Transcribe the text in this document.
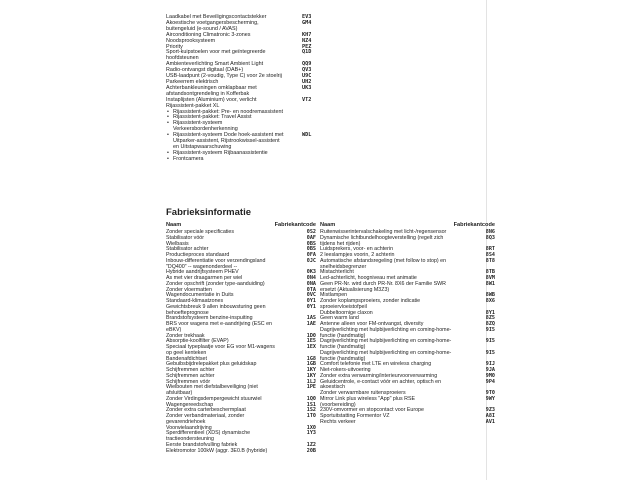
Laadkabel met Beveiligingscontactstekker	EV3
Akoestische voetgangersbescherming, buitengeluid (e-sound / AVAS)
GM4
Airconditioning Climatronic 3-zones	KH7
Noodsprooksysteem	NZ4
Priority	PEZ
Sport-kuipstoelen voor met geïntegreerde hoofdsteunen
Q1D
Ambienteverlichting Smart Ambient Light	QQ9
Radio-ontvangst digitaal (DAB+)	QV3
USB-laadpunt (2-voudig, Type C) voor 2e stoelrij	U9C
Parkeerrem elektrisch	UH2
Achterbankleuningen omklapbaar met afstandsontgrendeling in Kofferbak
UK3
Instaplijsten (Aluminium) voor, verlicht	VT2
Rijassistent-pakket XL
• Rijassistent-pakket: Pre- en noodremassistent
• Rijassistent-pakket: Travel Assist
• Rijassistent-systeem Verkeersbordenherkenning
• Rijassistent-systeem Dode hoek-assistent met Uitparker-assistent, Rijstrookwissel-assistent en Uitstapwaarschuwing
WDL
• Rijassistent-systeem Rijbaanassistentie
• Frontcamera
Fabrieksinformatie
Naam	Fabriekantcode
Zonder speciale specificaties	0S2
Stabilisator vóór	0AF
Wielbasis	0BS
Stabilisator achter	0BS
Productieproces standaard	0FA
Inbouw-differentiatie voor verzendingsland "DQ400" -- wagenonderdeel --
0JC
Hybride aandrijfsysteem PHEV	0K3
As met vier draagarmen per wiel	0N4
Zonder opschrift (zonder type-aanduiding)	0NA
Zonder vloermatten	0TA
Wagendocumentatie in Duits	0VC
Standaard-klimaatzones	0Y1
Gewichtsbreuk 9 allen inbouwsturing geen behoefteprognose
0Y1
Brandstofsysteem benzine-inspuiting	1AS
BRS voor wagens met e-aandrijving (ESC en eBKV)
1AE
Zonder trekhaak	1D0
Absorptie-koolfilter (EVAP)	1E5
Speciaal typeplaatje voor EG voor M1-wagens op geel kenteken
1EX
Bandenafdichtset	1G8
Gebuibsbijdrelepakket plus geluidskap	1GB
Schijfremmen achter	1KY
Schijfremmen achter	1KY
Schijfremmen vóór	1LJ
Wielbouten met diefstalbeveiliging (niet afsluitbaar)
1PE
Zonder Virdingsdempergewicht stuurwiel	1Q0
Wagengereedschap	1S1
Zonder extra carterbeschermplaat	1S2
Zonder verbandmateriaal, zonder gevarendriehoek
1T0
Voorwielaandrijving	1X0
Sperdifferentieel (XDS) dynamische tractieondersteuning
1Y3
Eerste brandstofvulling fabriek	1Z2
Elektromotor 100kW (aggr. 3E0.B (hybride)	20B
Naam	Fabriekantcode
Ruitenwisserintervalschakeling met licht-/regensensor	8N6
Dynamische lichtbundelhoogteverstelling (regelt zich tijdens het rijden)
8Q3
Luidsprekers, voor- en achterin	8RT
2 leeslampjes voorin, 2 achterin	8S4
Automatische afstandsregeling (met follow to stop) en snelheidsbegrenzer
8T8
Mistachterlicht	8TB
Led-achterlicht, hoogniveau met animatie	8VM
Geen PR-Nr. wird durch PR-Nr. 8X6 der Familie SWR ersetzt (Aktualisierung M3Z3)
8W1
Mistlampen	8WB
Zonder koplampsproeiers, zonder indicatie sproeiervloeistofpeil
8X6
Dubbeltoornige claxon	8Y1
Geen warm land	8Z5
Antenne alleen voor FM-ontvangst, diversity	8ZQ
Dagrijverlichting met hulpbijverlichting en coming-home-functie (handmatig)
9I5
Dagrijverlichting met hulpbijverlichting en coming-home-functie (handmatig)
9I5
Dagrijverlichting met hulpbijverlichting en coming-home-functie (handmatig)
9I5
Comfort telefonie met LTE en wireless charging	9IJ
Niet-rokers-uitvoering	9JA
Zonder extra verwarming/interieurvoorverwarming	9M0
Geluidcentrole, e-contact vóór en achter, optisch en akoestisch
9P4
Zonder verwarmbare ruitensproeiers	9T0
Mirror Link plus wireless "App" plus RSE (voorbereiding)
9WY
230V-omvormer en stopcontact voor Europe	9Z3
Sportuitstatting Formentor VZ	A8I
Rechts verkeer	AV1
